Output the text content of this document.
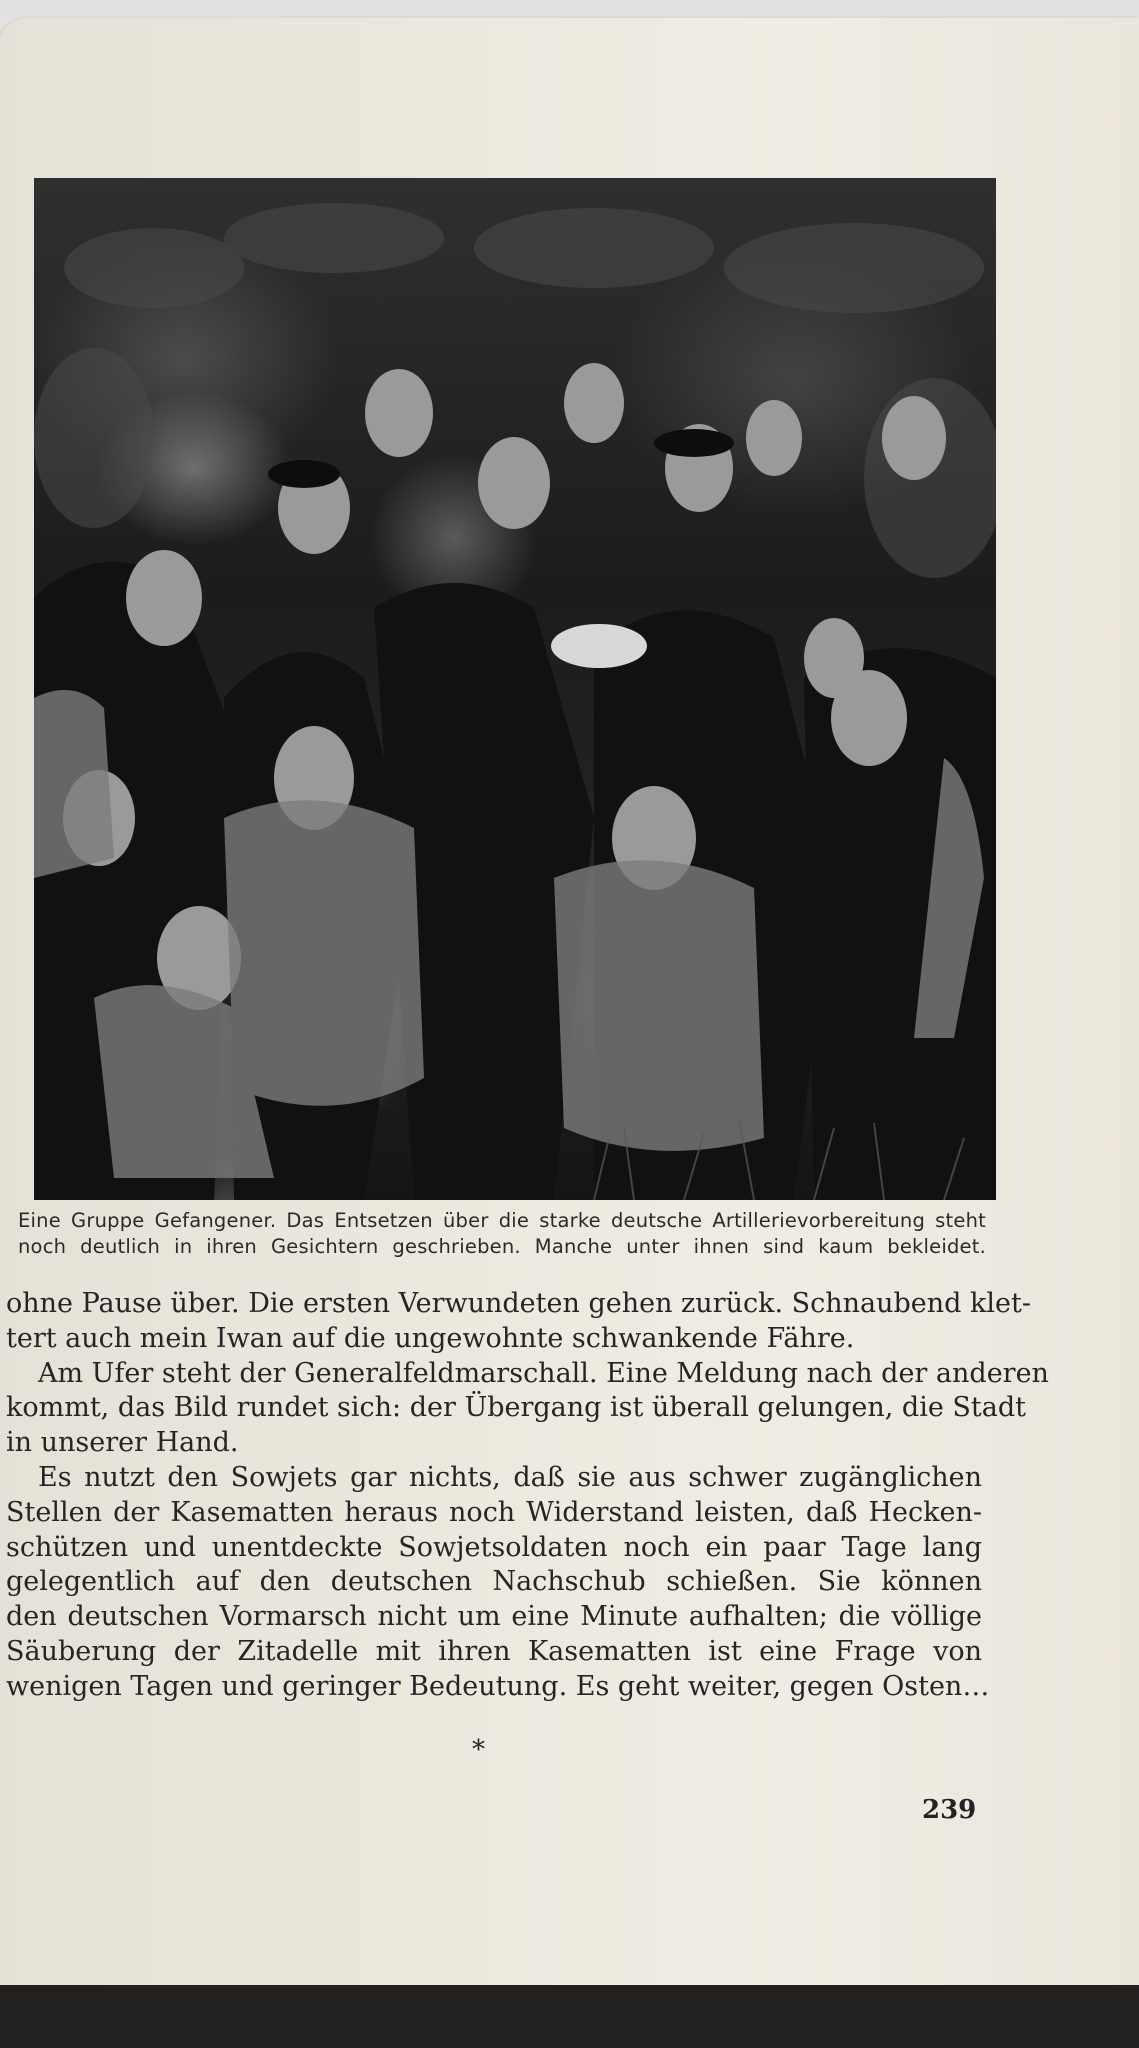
Eine Gruppe Gefangener. Das Entsetzen über die starke deutsche Artillerievorbereitung steht
noch deutlich in ihren Gesichtern geschrieben. Manche unter ihnen sind kaum bekleidet.
ohne Pause über. Die ersten Verwundeten gehen zurück. Schnaubend klet-
tert auch mein Iwan auf die ungewohnte schwankende Fähre.
Am Ufer steht der Generalfeldmarschall. Eine Meldung nach der anderen
kommt, das Bild rundet sich: der Übergang ist überall gelungen, die Stadt
in unserer Hand.
Es nutzt den Sowjets gar nichts, daß sie aus schwer zugänglichen
Stellen der Kasematten heraus noch Widerstand leisten, daß Hecken-
schützen und unentdeckte Sowjetsoldaten noch ein paar Tage lang
gelegentlich auf den deutschen Nachschub schießen. Sie können
den deutschen Vormarsch nicht um eine Minute aufhalten; die völlige
Säuberung der Zitadelle mit ihren Kasematten ist eine Frage von
wenigen Tagen und geringer Bedeutung. Es geht weiter, gegen Osten…
*
239
